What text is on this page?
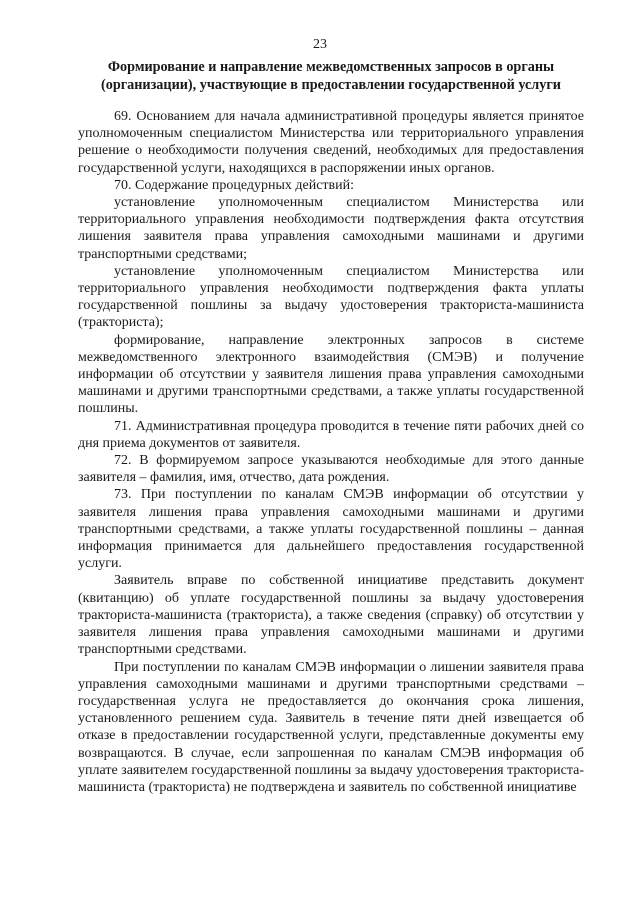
23
Формирование и направление межведомственных запросов в органы (организации), участвующие в предоставлении государственной услуги

69. Основанием для начала административной процедуры является принятое уполномоченным специалистом Министерства или территориального управления решение о необходимости получения сведений, необходимых для предоставления государственной услуги, находящихся в распоряжении иных органов.

70. Содержание процедурных действий:

установление уполномоченным специалистом Министерства или территориального управления необходимости подтверждения факта отсутствия лишения заявителя права управления самоходными машинами и другими транспортными средствами;

установление уполномоченным специалистом Министерства или территориального управления необходимости подтверждения факта уплаты государственной пошлины за выдачу удостоверения тракториста-машиниста (тракториста);

формирование, направление электронных запросов в системе межведомственного электронного взаимодействия (СМЭВ) и получение информации об отсутствии у заявителя лишения права управления самоходными машинами и другими транспортными средствами, а также уплаты государственной пошлины.

71. Административная процедура проводится в течение пяти рабочих дней со дня приема документов от заявителя.

72. В формируемом запросе указываются необходимые для этого данные заявителя – фамилия, имя, отчество, дата рождения.

73. При поступлении по каналам СМЭВ информации об отсутствии у заявителя лишения права управления самоходными машинами и другими транспортными средствами, а также уплаты государственной пошлины – данная информация принимается для дальнейшего предоставления государственной услуги.

Заявитель вправе по собственной инициативе представить документ (квитанцию) об уплате государственной пошлины за выдачу удостоверения тракториста-машиниста (тракториста), а также сведения (справку) об отсутствии у заявителя лишения права управления самоходными машинами и другими транспортными средствами.

При поступлении по каналам СМЭВ информации о лишении заявителя права управления самоходными машинами и другими транспортными средствами – государственная услуга не предоставляется до окончания срока лишения, установленного решением суда. Заявитель в течение пяти дней извещается об отказе в предоставлении государственной услуги, представленные документы ему возвращаются. В случае, если запрошенная по каналам СМЭВ информация об уплате заявителем государственной пошлины за выдачу удостоверения тракториста-машиниста (тракториста) не подтверждена и заявитель по собственной инициативе
